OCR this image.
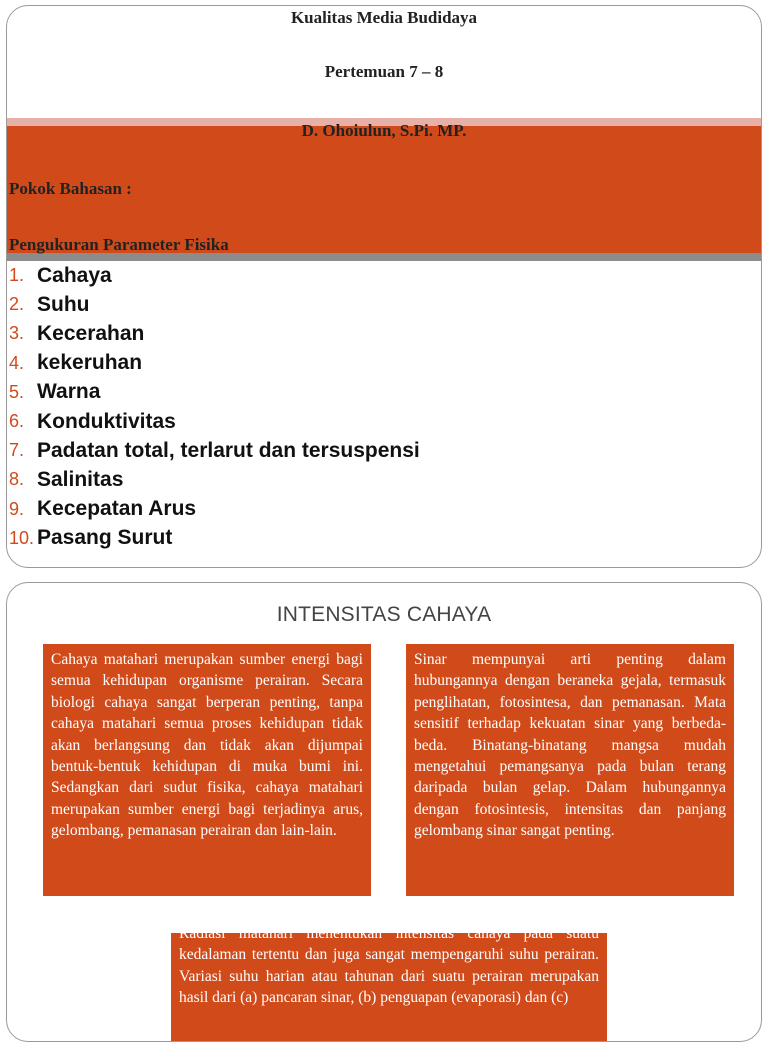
Kualitas Media Budidaya
Pertemuan 7 – 8
D. Ohoiulun, S.Pi. MP.
Pokok Bahasan :
Pengukuran Parameter Fisika
1. Cahaya
2. Suhu
3. Kecerahan
4. kekeruhan
5. Warna
6. Konduktivitas
7. Padatan total, terlarut dan tersuspensi
8. Salinitas
9. Kecepatan Arus
10. Pasang Surut
INTENSITAS CAHAYA
Cahaya matahari merupakan sumber energi bagi semua kehidupan organisme perairan. Secara biologi cahaya sangat berperan penting, tanpa cahaya matahari semua proses kehidupan tidak akan berlangsung dan tidak akan dijumpai bentuk-bentuk kehidupan di muka bumi ini. Sedangkan dari sudut fisika, cahaya matahari merupakan sumber energi bagi terjadinya arus, gelombang, pemanasan perairan dan lain-lain.
Sinar mempunyai arti penting dalam hubungannya dengan beraneka gejala, termasuk penglihatan, fotosintesa, dan pemanasan. Mata sensitif terhadap kekuatan sinar yang berbeda-beda. Binatang-binatang mangsa mudah mengetahui pemangsanya pada bulan terang daripada bulan gelap. Dalam hubungannya dengan fotosintesis, intensitas dan panjang gelombang sinar sangat penting.
Radiasi matahari menentukan intensitas cahaya pada suatu kedalaman tertentu dan juga sangat mempengaruhi suhu perairan. Variasi suhu harian atau tahunan dari suatu perairan merupakan hasil dari (a) pancaran sinar, (b) penguapan (evaporasi) dan (c)
